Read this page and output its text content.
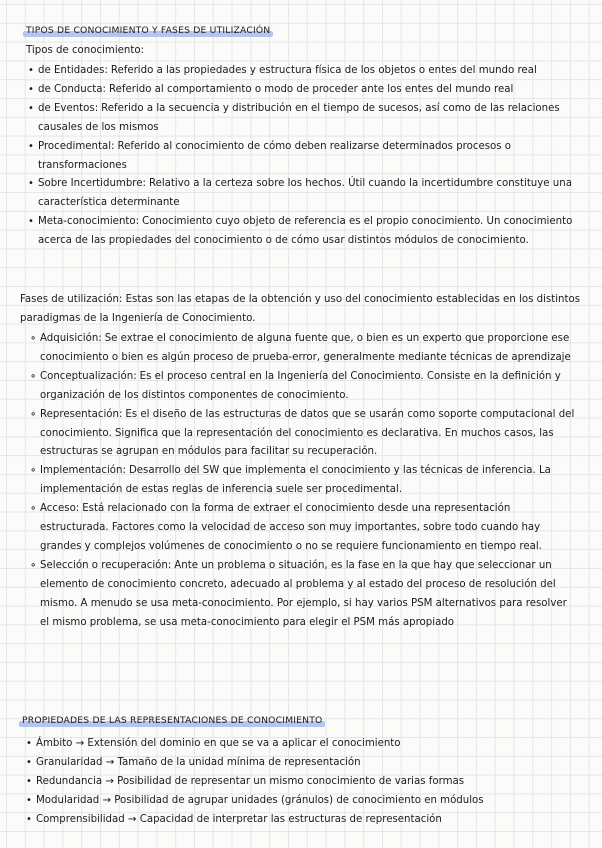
TIPOS DE CONOCIMIENTO Y FASES DE UTILIZACIÓN

Tipos de conocimiento:

• de Entidades: Referido a las propiedades y estructura física de los objetos o entes del mundo real
• de Conducta: Referido al comportamiento o modo de proceder ante los entes del mundo real
• de Eventos: Referido a la secuencia y distribución en el tiempo de sucesos, así como de las relaciones causales de los mismos
• Procedimental: Referido al conocimiento de cómo deben realizarse determinados procesos o transformaciones
• Sobre Incertidumbre: Relativo a la certeza sobre los hechos. Útil cuando la incertidumbre constituye una característica determinante
• Meta-conocimiento: Conocimiento cuyo objeto de referencia es el propio conocimiento. Un conocimiento acerca de las propiedades del conocimiento o de cómo usar distintos módulos de conocimiento.

Fases de utilización: Estas son las etapas de la obtención y uso del conocimiento establecidas en los distintos paradigmas de la Ingeniería de Conocimiento.

∘ Adquisición: Se extrae el conocimiento de alguna fuente que, o bien es un experto que proporcione ese conocimiento o bien es algún proceso de prueba-error, generalmente mediante técnicas de aprendizaje
∘ Conceptualización: Es el proceso central en la Ingeniería del Conocimiento. Consiste en la definición y organización de los distintos componentes de conocimiento.
∘ Representación: Es el diseño de las estructuras de datos que se usarán como soporte computacional del conocimiento. Significa que la representación del conocimiento es declarativa. En muchos casos, las estructuras se agrupan en módulos para facilitar su recuperación.
∘ Implementación: Desarrollo del SW que implementa el conocimiento y las técnicas de inferencia. La implementación de estas reglas de inferencia suele ser procedimental.
∘ Acceso: Está relacionado con la forma de extraer el conocimiento desde una representación estructurada. Factores como la velocidad de acceso son muy importantes, sobre todo cuando hay grandes y complejos volúmenes de conocimiento o no se requiere funcionamiento en tiempo real.
∘ Selección o recuperación: Ante un problema o situación, es la fase en la que hay que seleccionar un elemento de conocimiento concreto, adecuado al problema y al estado del proceso de resolución del mismo. A menudo se usa meta-conocimiento. Por ejemplo, si hay varios PSM alternativos para resolver el mismo problema, se usa meta-conocimiento para elegir el PSM más apropiado
PROPIEDADES DE LAS REPRESENTACIONES DE CONOCIMIENTO
• Ámbito → Extensión del dominio en que se va a aplicar el conocimiento
• Granularidad → Tamaño de la unidad mínima de representación
• Redundancia → Posibilidad de representar un mismo conocimiento de varias formas
• Modularidad → Posibilidad de agrupar unidades (gránulos) de conocimiento en módulos
• Comprensibilidad → Capacidad de interpretar las estructuras de representación
